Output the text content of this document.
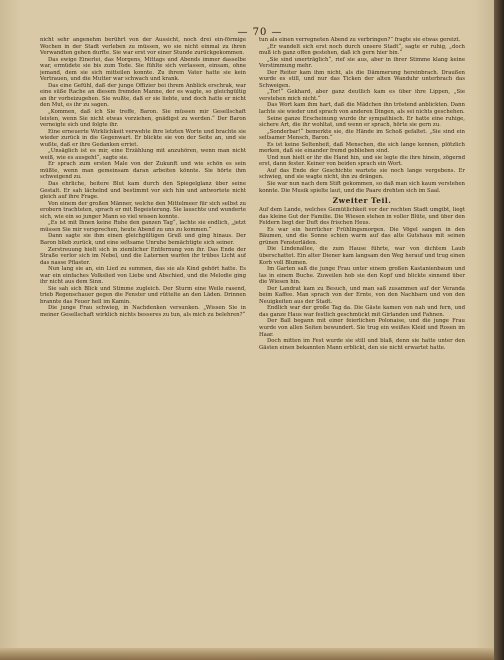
— 70 —

nicht sehr angenehm berührt von der Aussicht, noch drei ein-förmige Wochen in der Stadt verleben zu müssen, wo sie nicht einmal zu ihren Verwandten gehen durfte. Sie war erst vor einer Stunde zurückgekommen.

Das ewige Einerlei, das Morgens, Mittags und Abends immer dasselbe war, ermüdete sie bis zum Tode. Sie fühlte sich verlassen, einsam, ohne jemand, dem sie sich mitteilen konnte. Zu ihrem Vater hatte sie kein Vertrauen, und die Mutter war schwach und krank.

Das eine Gefühl, daß der junge Offizier bei ihrem Anblick erschrak, war eine süße Rache an diesem fremden Manne, der es wagte, so gleichgültig an ihr vorbeizugehen. Sie wußte, daß er sie liebte, und doch hatte er nicht den Mut, es ihr zu sagen.

„Kommen, daß ich Sie treffe, Baron. Sie müssen mir Gesellschaft leisten, wenn Sie nicht etwas vorziehen, gnädigst zu werden.“ Der Baron verneigte sich und folgte ihr.

Eine erneuerte Wirklichkeit verwehte ihre letzten Worte und brachte sie wieder zurück in die Gegenwart. Er blickte sie von der Seite an, und sie wußte, daß er ihre Gedanken erriet.

„Unsäglich ist es mir, eine Erzählung mit anzuhören, wenn man nicht weiß, wie es ausgeht“, sagte sie.

Er sprach zum ersten Male von der Zukunft und wie schön es sein müßte, wenn man gemeinsam daran arbeiten könnte. Sie hörte ihm schweigend zu.

Das ehrliche, heitere Blut kam durch den Spiegelglanz über seine Gestalt. Er sah lächelnd und bestimmt vor sich hin und antwortete nicht gleich auf ihre Frage.

Von einem der großen Männer, welche den Mittelmeer für sich selbst zu erobern trachteten, sprach er mit Begeisterung. Sie lauschte und wunderte sich, wie ein so junger Mann so viel wissen konnte.

„Es ist mit Ihnen keine Ruhe den ganzen Tag“, lachte sie endlich, „jetzt müssen Sie mir versprechen, heute Abend zu uns zu kommen.“

Dann sagte sie ihm einen gleichgültigen Gruß und ging hinaus. Der Baron blieb zurück, und eine seltsame Unruhe bemächtigte sich seiner.

Zerstreuung hielt sich in ziemlicher Entfernung von ihr. Das Ende der Straße verlor sich im Nebel, und die Laternen warfen ihr trübes Licht auf das nasse Pflaster.

Nun lang sie an, ein Lied zu summen, das sie als Kind gehört hatte. Es war ein einfaches Volkslied von Liebe und Abschied, und die Melodie ging ihr nicht aus dem Sinn.

Sie sah sich Blick und Stimme zugleich. Der Sturm eine Weile rasend, trieb Regenschauer gegen die Fenster und rüttelte an den Läden. Drinnen brannte das Feuer hell im Kamin.

Die junge Frau schwieg, in Nachdenken versunken. „Wissen Sie in meiner Gesellschaft wirklich nichts besseres zu tun, als mich zu belehren?“

tun als einen verregneten Abend zu verbringen?“ fragte sie etwas gereizt.

„Er wandelt sich erst noch durch unsere Stadt“, sagte er ruhig, „doch muß ich ganz offen gestehen, daß ich gern hier bin.“

„Sie sind unerträglich“, rief sie aus, aber in ihrer Stimme klang keine Verstimmung mehr.

Der Reiter kam ihm nicht, als die Dämmerung hereinbrach. Draußen wurde es still, und nur das Ticken der alten Wanduhr unterbrach das Schweigen.

„Tor!“ Gekhard, aber ganz deutlich kam es über ihre Lippen, „Sie verstehen mich nicht.“

Das Wort kam ihm hart, daß die Mädchen ihn tröstend anblickten. Dann lachte sie wieder und sprach von anderen Dingen, als sei nichts geschehen.

Seine ganze Erscheinung wurde ihr sympathisch. Er hatte eine ruhige, sichere Art, die ihr wohltat, und wenn er sprach, hörte sie gern zu.

„Sonderbar!“ bemerkte sie, die Hände im Schoß gefaltet. „Sie sind ein seltsamer Mensch, Baron.“

Es ist keine Seltenheit, daß Menschen, die sich lange kennen, plötzlich merken, daß sie einander fremd geblieben sind.

Und nun hielt er ihr die Hand hin, und sie legte die ihre hinein, zögernd erst, dann fester. Keiner von beiden sprach ein Wort.

Auf das Ende der Geschichte wartete sie noch lange vergebens. Er schwieg, und sie wagte nicht, ihn zu drängen.

Sie war nun nach dem Stift gekommen, so daß man sich kaum verstehen konnte. Die Musik spielte laut, und die Paare drehten sich im Saal.

Zweiter Teil.

Auf dem Lande, welches Gemütlichkeit vor der rechten Stadt umgibt, liegt das kleine Gut der Familie. Die Wiesen stehen in voller Blüte, und über den Feldern liegt der Duft des frischen Heus.

Es war ein herrlicher Frühlingsmorgen. Die Vögel sangen in den Bäumen, und die Sonne schien warm auf das alte Gutshaus mit seinen grünen Fensterläden.

Die Lindenallee, die zum Hause führte, war von dichtem Laub überschattet. Ein alter Diener kam langsam den Weg herauf und trug einen Korb voll Blumen.

Im Garten saß die junge Frau unter einem großen Kastanienbaum und las in einem Buche. Zuweilen hob sie den Kopf und blickte sinnend über die Wiesen hin.

Der Landrat kam zu Besuch, und man saß zusammen auf der Veranda beim Kaffee. Man sprach von der Ernte, von den Nachbarn und von den Neuigkeiten aus der Stadt.

Endlich war der große Tag da. Die Gäste kamen von nah und fern, und das ganze Haus war festlich geschmückt mit Girlanden und Fahnen.

Der Ball begann mit einer feierlichen Polonaise, und die junge Frau wurde von allen Seiten bewundert. Sie trug ein weißes Kleid und Rosen im Haar.

Doch mitten im Fest wurde sie still und blaß, denn sie hatte unter den Gästen einen bekannten Mann erblickt, den sie nicht erwartet hatte.
